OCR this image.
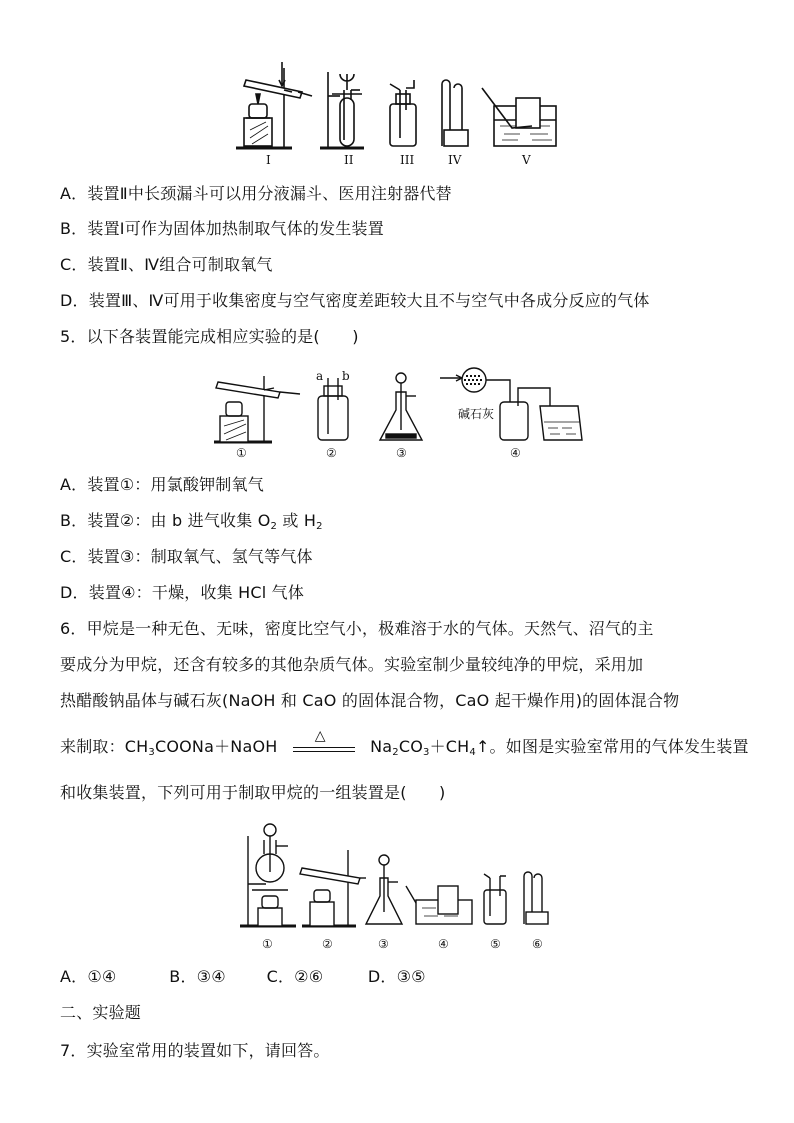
I	II	III	IV	V
A．装置Ⅱ中长颈漏斗可以用分液漏斗、医用注射器代替
B．装置Ⅰ可作为固体加热制取气体的发生装置
C．装置Ⅱ、Ⅳ组合可制取氧气
D．装置Ⅲ、Ⅳ可用于收集密度与空气密度差距较大且不与空气中各成分反应的气体
5．以下各装置能完成相应实验的是(　　)
a b
碱石灰
①	②	③	④
A．装置①：用氯酸钾制氧气
B．装置②：由 b 进气收集 $O_2$ 或 $H_2$
C．装置③：制取氧气、氢气等气体
D．装置④：干燥，收集 HCl 气体
6．甲烷是一种无色、无味，密度比空气小，极难溶于水的气体。天然气、沼气的主
要成分为甲烷，还含有较多的其他杂质气体。实验室制少量较纯净的甲烷，采用加
热醋酸钠晶体与碱石灰(NaOH 和 CaO 的固体混合物，CaO 起干燥作用)的固体混合物
来制取：$CH_3COONa+NaOH$
△
$Na_2CO_3+CH_4↑$。如图是实验室常用的气体发生装置
和收集装置，下列可用于制取甲烷的一组装置是(　　)
①	②	③	④	⑤	⑥
A．①④	B．③④	C．②⑥	D．③⑤
二、实验题
7．实验室常用的装置如下，请回答。
